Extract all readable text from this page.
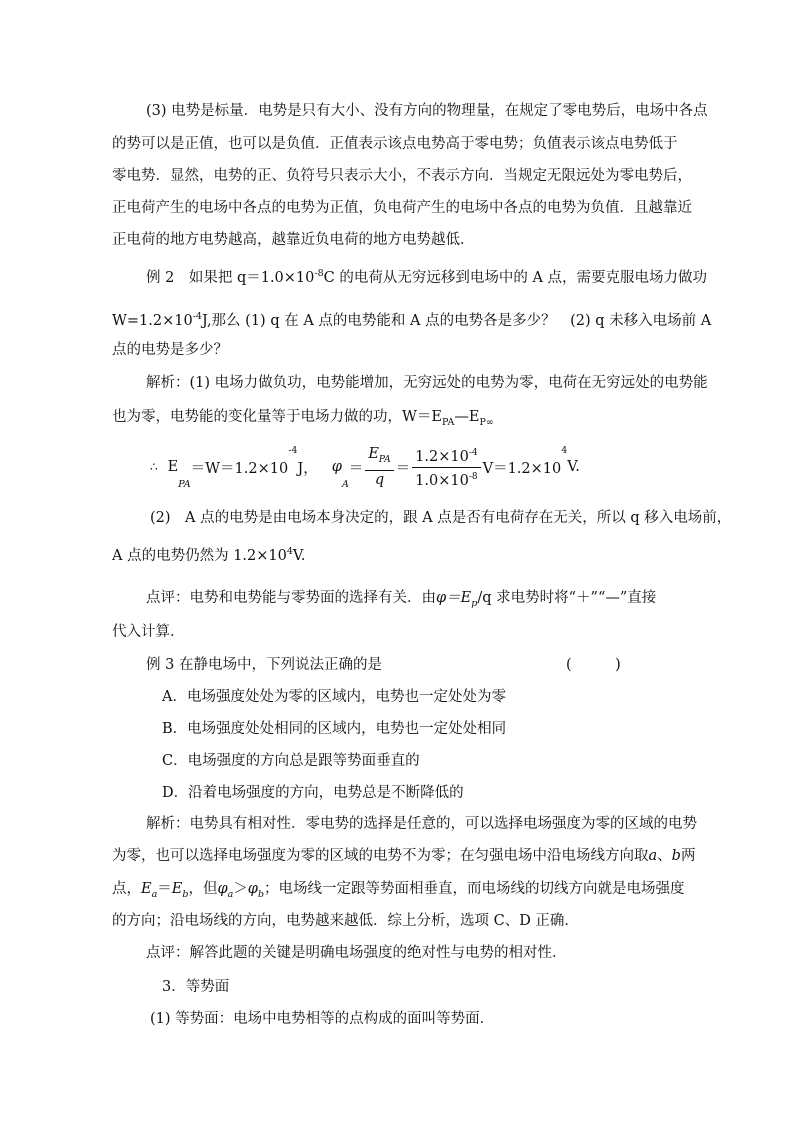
(3) 电势是标量．电势是只有大小、没有方向的物理量，在规定了零电势后，电场中各点
的势可以是正值，也可以是负值．正值表示该点电势高于零电势；负值表示该点电势低于
零电势．显然，电势的正、负符号只表示大小，不表示方向．当规定无限远处为零电势后，
正电荷产生的电场中各点的电势为正值，负电荷产生的电场中各点的电势为负值．且越靠近
正电荷的地方电势越高，越靠近负电荷的地方电势越低．
例 2　如果把 $q=1.0\times 10^{-8}C$ 的电荷从无穷远移到电场中的 A 点，需要克服电场力做功
$W=1.2\times 10^{-4}J$,那么 (1) q 在 A 点的电势能和 A 点的电势各是多少？　(2) q 未移入电场前 A
点的电势是多少？
解析：(1) 电场力做负功，电势能增加，无穷远处的电势为零，电荷在无穷远处的电势能
也为零，电势能的变化量等于电场力做的功，$W=E_{PA}—E_{P\infty}$
∴ E
PA
＝W＝1.2×10
-4
J， φ
A
＝ $\frac{E_{PA}}{q} = \frac{1.2\times 10^{-4}}{1.0\times 10^{-8}} V=1.2\times 10$
4
V.
(2)　A 点的电势是由电场本身决定的，跟 A 点是否有电荷存在无关，所以 q 移入电场前，
A 点的电势仍然为 $1.2\times 10^4V$.
点评：电势和电势能与零势面的选择有关．由$\varphi=E_p/q$ 求电势时将“＋”“—”直接
代入计算．
例 3 在静电场中，下列说法正确的是	(　　　)
A．电场强度处处为零的区域内，电势也一定处处为零
B．电场强度处处相同的区域内，电势也一定处处相同
C．电场强度的方向总是跟等势面垂直的
D．沿着电场强度的方向，电势总是不断降低的
解析：电势具有相对性．零电势的选择是任意的，可以选择电场强度为零的区域的电势
为零，也可以选择电场强度为零的区域的电势不为零；在匀强电场中沿电场线方向取a、b两
点，$E_a=E_b$，但$\varphi_a>\varphi_b$；电场线一定跟等势面相垂直，而电场线的切线方向就是电场强度
的方向；沿电场线的方向，电势越来越低．综上分析，选项 C、D 正确．
点评：解答此题的关键是明确电场强度的绝对性与电势的相对性．
3．等势面
(1) 等势面：电场中电势相等的点构成的面叫等势面．
